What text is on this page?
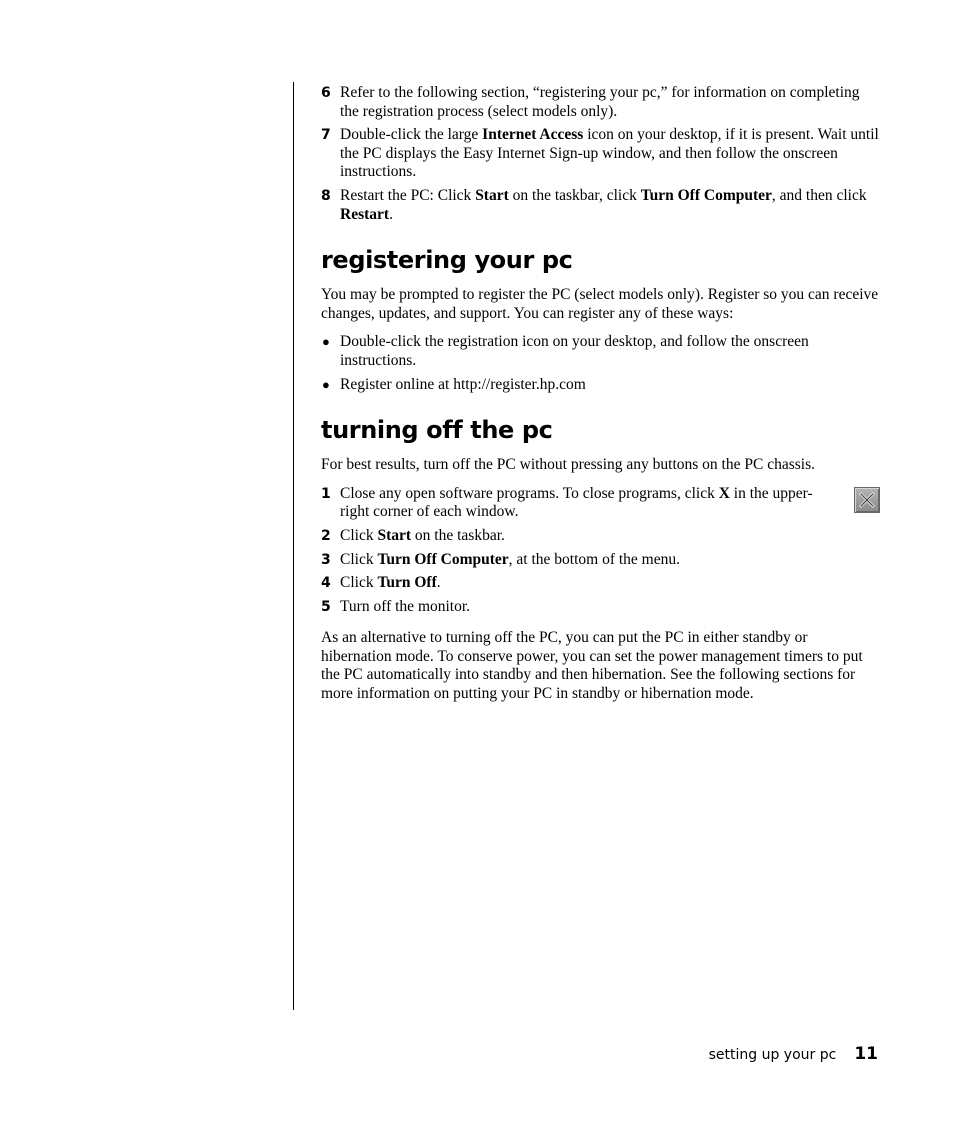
6 Refer to the following section, “registering your pc,” for information on completing the registration process (select models only).
7 Double-click the large Internet Access icon on your desktop, if it is present. Wait until the PC displays the Easy Internet Sign-up window, and then follow the onscreen instructions.
8 Restart the PC: Click Start on the taskbar, click Turn Off Computer, and then click Restart.
registering your pc

You may be prompted to register the PC (select models only). Register so you can receive changes, updates, and support. You can register any of these ways:

● Double-click the registration icon on your desktop, and follow the onscreen instructions.
● Register online at http://register.hp.com
turning off the pc

For best results, turn off the PC without pressing any buttons on the PC chassis.

1 Close any open software programs. To close programs, click X in the upper-right corner of each window.
2 Click Start on the taskbar.
3 Click Turn Off Computer, at the bottom of the menu.
4 Click Turn Off.
5 Turn off the monitor.

As an alternative to turning off the PC, you can put the PC in either standby or hibernation mode. To conserve power, you can set the power management timers to put the PC automatically into standby and then hibernation. See the following sections for more information on putting your PC in standby or hibernation mode.

setting up your pc 11
